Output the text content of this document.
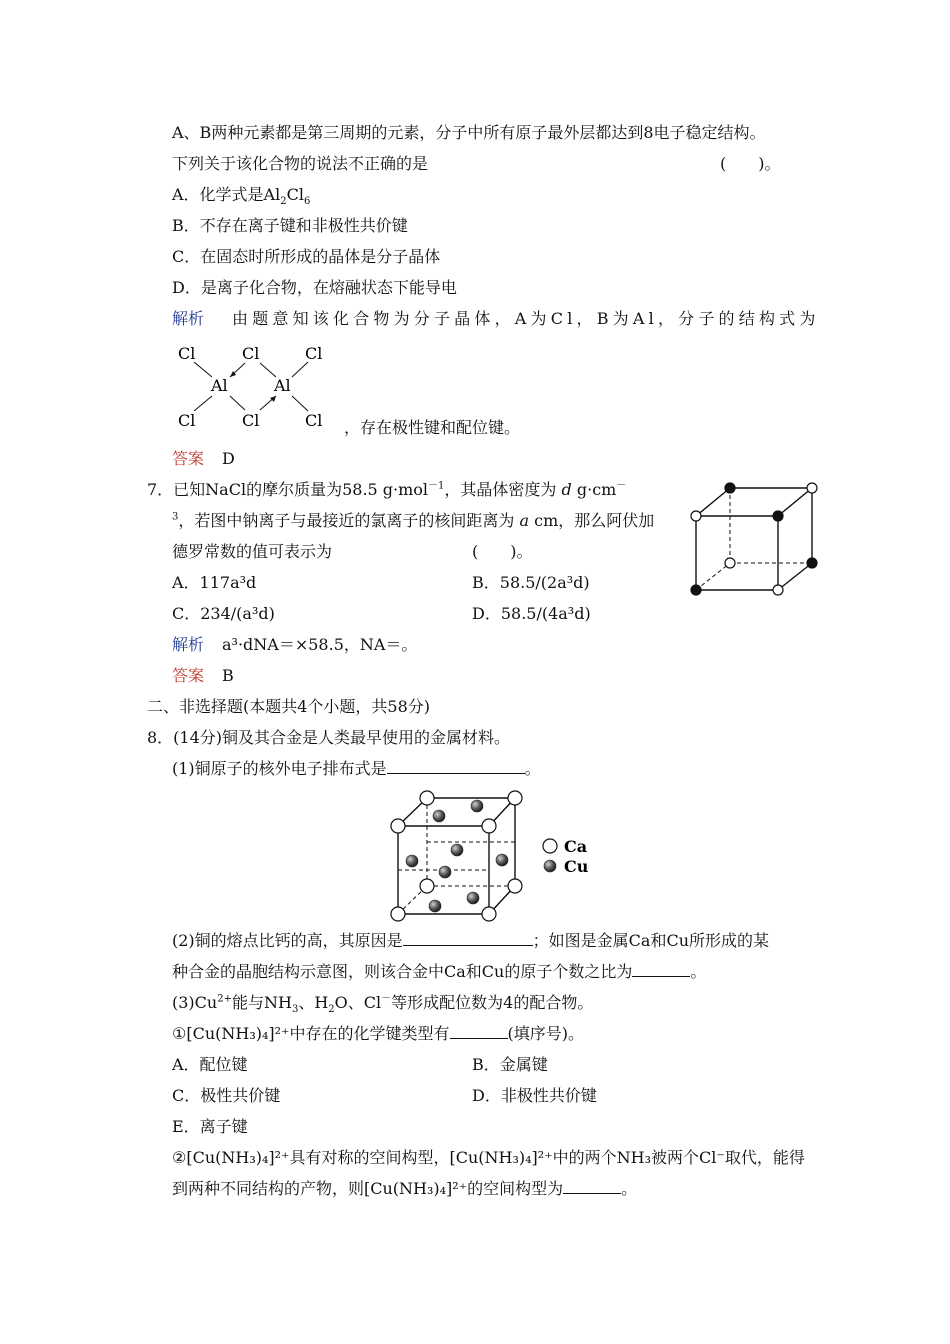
A、B两种元素都是第三周期的元素，分子中所有原子最外层都达到8电子稳定结构。
下列关于该化合物的说法不正确的是	(　　)。
A．化学式是$Al_2Cl_6$
B．不存在离子键和非极性共价键
C．在固态时所形成的晶体是分子晶体
D．是离子化合物，在熔融状态下能导电
解析 由题意知该化合物为分子晶体，A为Cl，B为Al，分子的结构式为
Cl	Cl	Cl
Al	Al
Cl	Cl	Cl ，存在极性键和配位键。
答案 D
7．已知NaCl的摩尔质量为58.5 g·mol$^{-1}$，其晶体密度为 d g·cm－
$^3$，若图中钠离子与最接近的氯离子的核间距离为 a cm，那么阿伏加
德罗常数的值可表示为	(　　)。
A．117a³d	B．58.5/(2a³d)
C．234/(a³d)	D．58.5/(4a³d)
解析 a³·dNA＝×58.5，NA＝。
答案 B
二、非选择题(本题共4个小题，共58分)
8．(14分)铜及其合金是人类最早使用的金属材料。
(1)铜原子的核外电子排布式是	。
Ca
Cu
(2)铜的熔点比钙的高，其原因是	；如图是金属Ca和Cu所形成的某
种合金的晶胞结构示意图，则该合金中Ca和Cu的原子个数之比为	。
$(3)Cu^{2+}$能与$NH_3$、$H_2O$、Cl－等形成配位数为4的配合物。
①[Cu(NH₃)₄]²⁺中存在的化学键类型有	(填序号)。
A．配位键	B．金属键
C．极性共价键	D．非极性共价键
E．离子键
②[Cu(NH₃)₄]²⁺具有对称的空间构型，[Cu(NH₃)₄]²⁺中的两个NH₃被两个Cl⁻取代，能得
到两种不同结构的产物，则[Cu(NH₃)₄]²⁺的空间构型为	。
